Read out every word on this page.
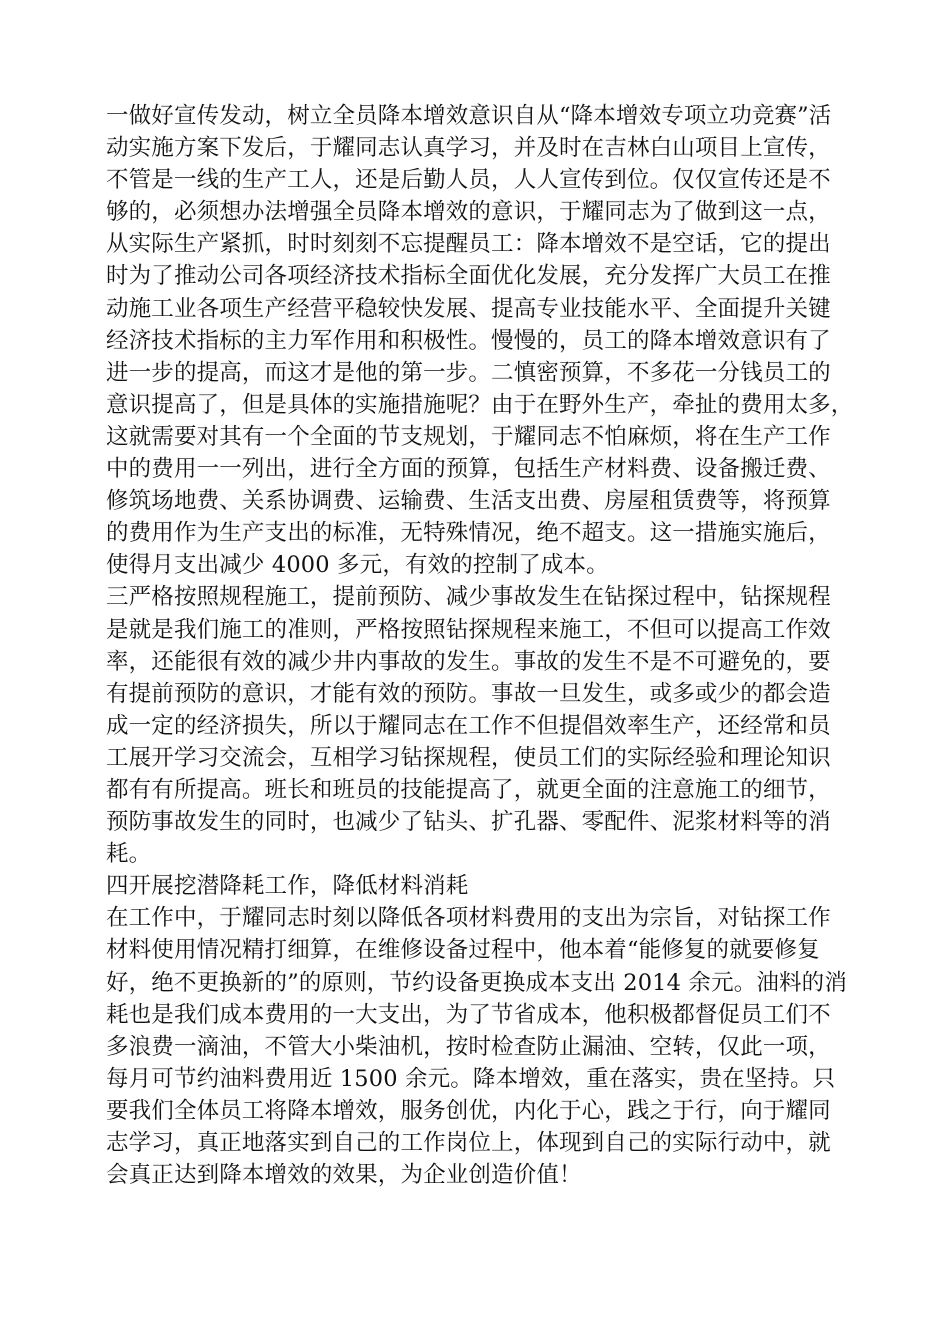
一做好宣传发动，树立全员降本增效意识自从“降本增效专项立功竞赛”活
动实施方案下发后，于耀同志认真学习，并及时在吉林白山项目上宣传，
不管是一线的生产工人，还是后勤人员，人人宣传到位。仅仅宣传还是不
够的，必须想办法增强全员降本增效的意识，于耀同志为了做到这一点，
从实际生产紧抓，时时刻刻不忘提醒员工：降本增效不是空话，它的提出
时为了推动公司各项经济技术指标全面优化发展，充分发挥广大员工在推
动施工业各项生产经营平稳较快发展、提高专业技能水平、全面提升关键
经济技术指标的主力军作用和积极性。慢慢的，员工的降本增效意识有了
进一步的提高，而这才是他的第一步。二慎密预算，不多花一分钱员工的
意识提高了，但是具体的实施措施呢？由于在野外生产，牵扯的费用太多，
这就需要对其有一个全面的节支规划，于耀同志不怕麻烦，将在生产工作
中的费用一一列出，进行全方面的预算，包括生产材料费、设备搬迁费、
修筑场地费、关系协调费、运输费、生活支出费、房屋租赁费等，将预算
的费用作为生产支出的标准，无特殊情况，绝不超支。这一措施实施后，
使得月支出减少 4000 多元，有效的控制了成本。
三严格按照规程施工，提前预防、减少事故发生在钻探过程中，钻探规程
是就是我们施工的准则，严格按照钻探规程来施工，不但可以提高工作效
率，还能很有效的减少井内事故的发生。事故的发生不是不可避免的，要
有提前预防的意识，才能有效的预防。事故一旦发生，或多或少的都会造
成一定的经济损失，所以于耀同志在工作不但提倡效率生产，还经常和员
工展开学习交流会，互相学习钻探规程，使员工们的实际经验和理论知识
都有有所提高。班长和班员的技能提高了，就更全面的注意施工的细节，
预防事故发生的同时，也减少了钻头、扩孔器、零配件、泥浆材料等的消
耗。
四开展挖潜降耗工作，降低材料消耗
在工作中，于耀同志时刻以降低各项材料费用的支出为宗旨，对钻探工作
材料使用情况精打细算，在维修设备过程中，他本着“能修复的就要修复
好，绝不更换新的”的原则，节约设备更换成本支出 2014 余元。油料的消
耗也是我们成本费用的一大支出，为了节省成本，他积极都督促员工们不
多浪费一滴油，不管大小柴油机，按时检查防止漏油、空转，仅此一项，
每月可节约油料费用近 1500 余元。降本增效，重在落实，贵在坚持。只
要我们全体员工将降本增效，服务创优，内化于心，践之于行，向于耀同
志学习，真正地落实到自己的工作岗位上，体现到自己的实际行动中，就
会真正达到降本增效的效果，为企业创造价值！
